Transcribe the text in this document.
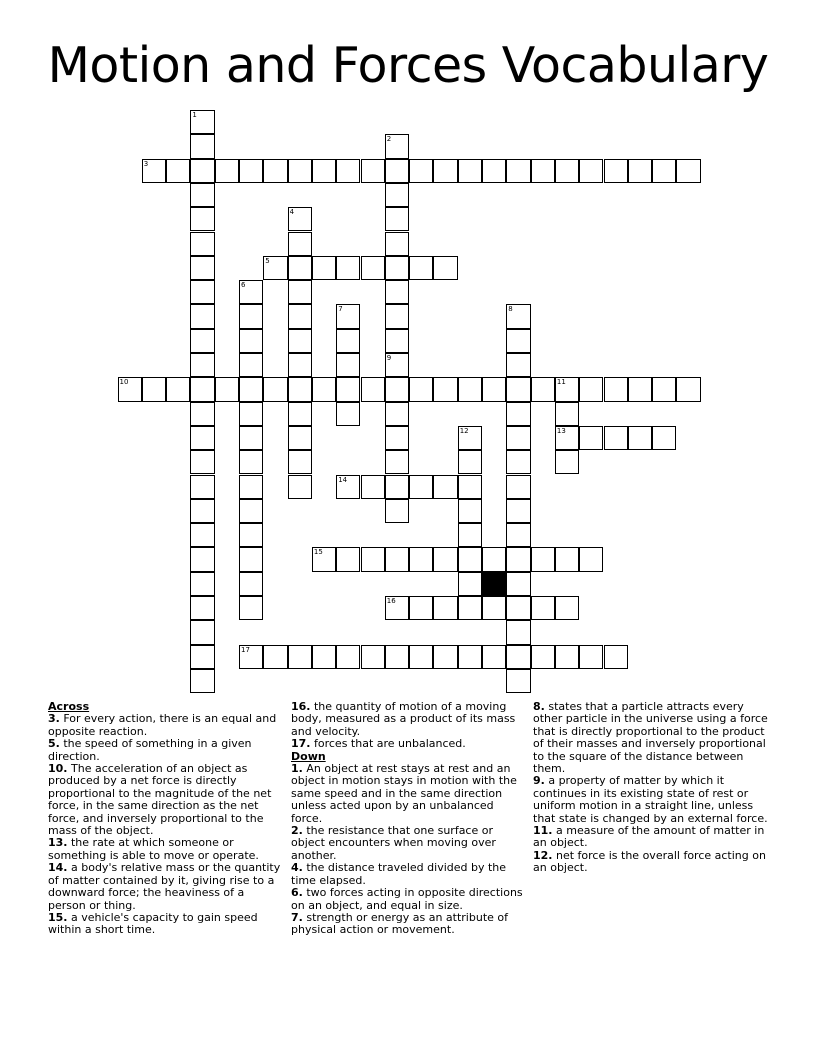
Motion and Forces Vocabulary
1
2
3
4
5
6
7	8
9
10	11
13
12
14
15
16
17
Across
3. For every action, there is an equal and opposite reaction.
5. the speed of something in a given direction.
10. The acceleration of an object as produced by a net force is directly proportional to the magnitude of the net force, in the same direction as the net force, and inversely proportional to the mass of the object.
13. the rate at which someone or something is able to move or operate.
14. a body's relative mass or the quantity of matter contained by it, giving rise to a downward force; the heaviness of a person or thing.
15. a vehicle's capacity to gain speed within a short time.
16. the quantity of motion of a moving body, measured as a product of its mass and velocity.
17. forces that are unbalanced.
Down
1. An object at rest stays at rest and an object in motion stays in motion with the same speed and in the same direction unless acted upon by an unbalanced force.
2. the resistance that one surface or object encounters when moving over another.
4. the distance traveled divided by the time elapsed.
6. two forces acting in opposite directions on an object, and equal in size.
7. strength or energy as an attribute of physical action or movement.
8. states that a particle attracts every other particle in the universe using a force that is directly proportional to the product of their masses and inversely proportional to the square of the distance between them.
9. a property of matter by which it continues in its existing state of rest or uniform motion in a straight line, unless that state is changed by an external force.
11. a measure of the amount of matter in an object.
12. net force is the overall force acting on an object.
